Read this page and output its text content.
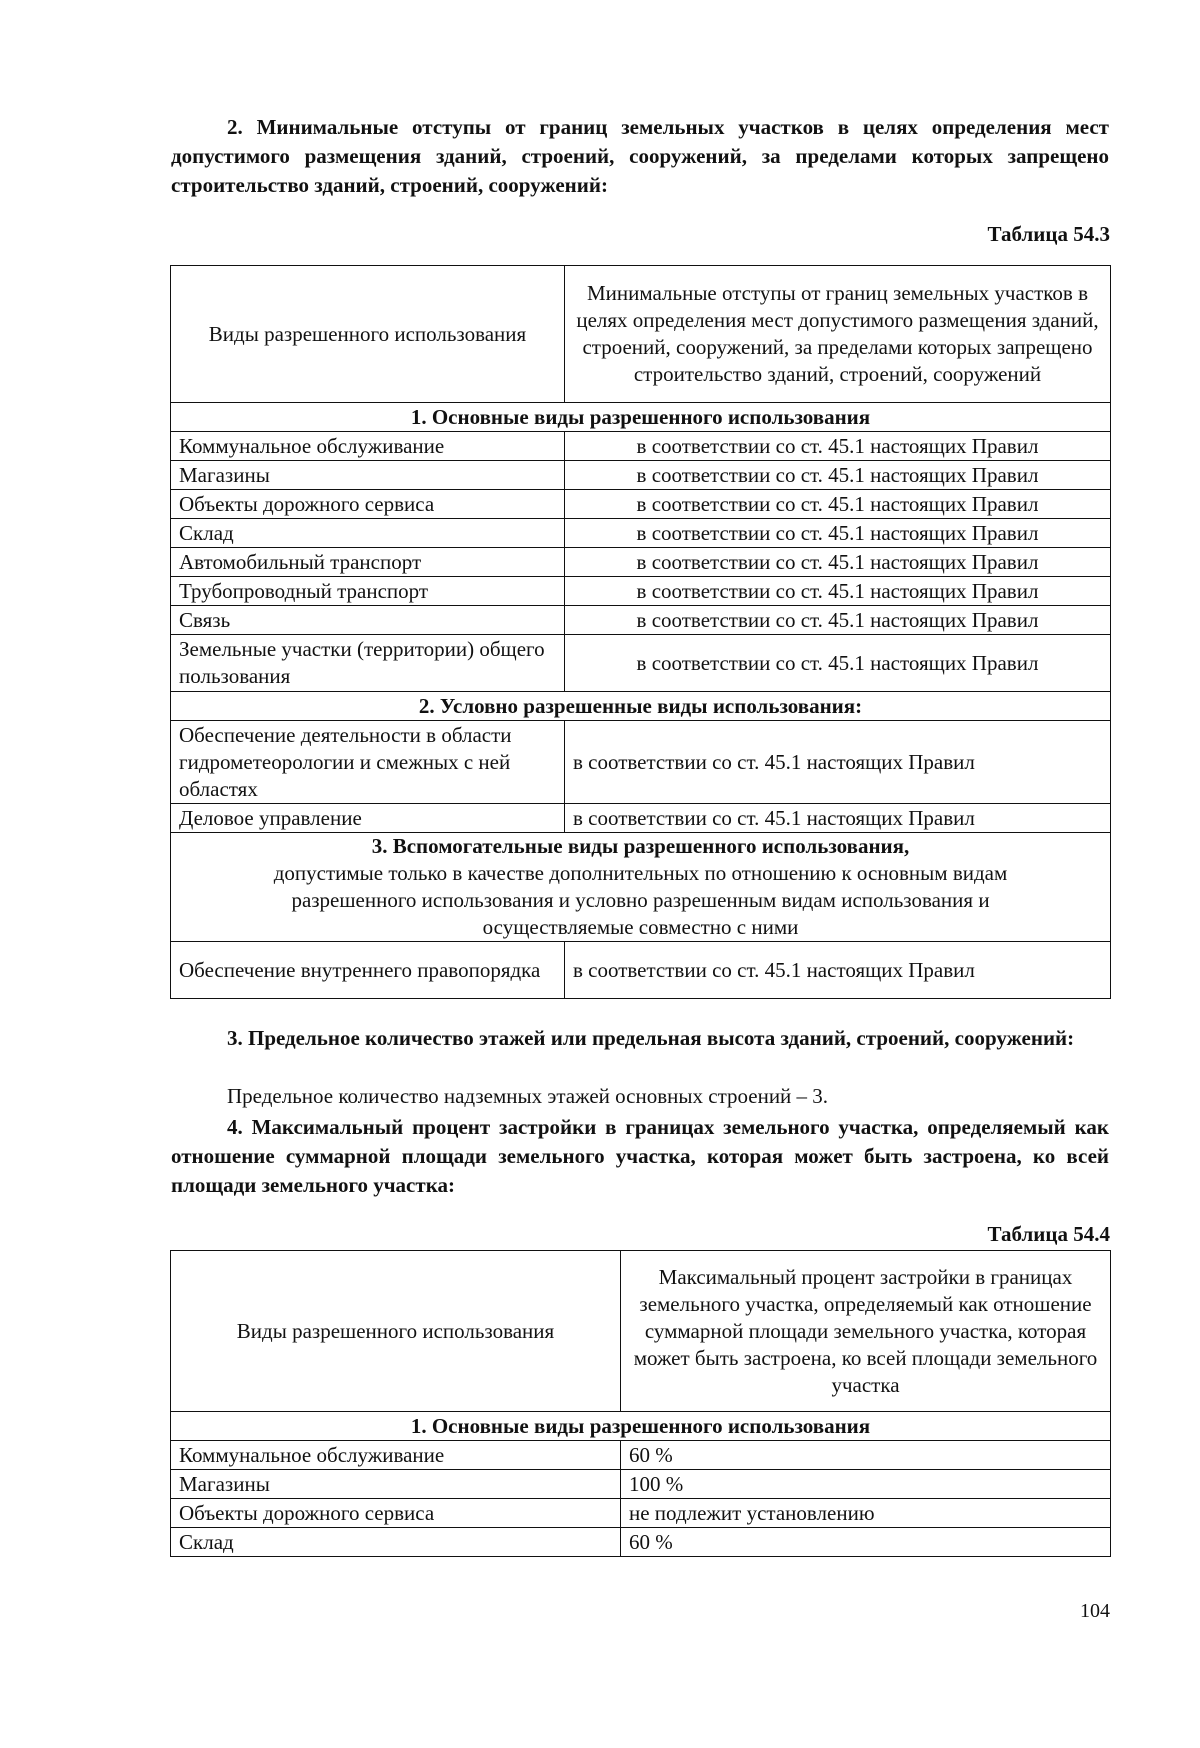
2. Минимальные отступы от границ земельных участков в целях определения мест допустимого размещения зданий, строений, сооружений, за пределами которых запрещено строительство зданий, строений, сооружений:
Таблица 54.3
Виды разрешенного использования	Минимальные отступы от границ земельных участков в целях определения мест допустимого размещения зданий, строений, сооружений, за пределами которых запрещено строительство зданий, строений, сооружений
1. Основные виды разрешенного использования	
Коммунальное обслуживание	в соответствии со ст. 45.1 настоящих Правил
Магазины	в соответствии со ст. 45.1 настоящих Правил
Объекты дорожного сервиса	в соответствии со ст. 45.1 настоящих Правил
Склад	в соответствии со ст. 45.1 настоящих Правил
Автомобильный транспорт	в соответствии со ст. 45.1 настоящих Правил
Трубопроводный транспорт	в соответствии со ст. 45.1 настоящих Правил
Связь	в соответствии со ст. 45.1 настоящих Правил
Земельные участки (территории) общего пользования	в соответствии со ст. 45.1 настоящих Правил
2. Условно разрешенные виды использования:	
Обеспечение деятельности в области гидрометеорологии и смежных с ней областях	в соответствии со ст. 45.1 настоящих Правил
Деловое управление	в соответствии со ст. 45.1 настоящих Правил

3. Вспомогательные виды разрешенного использования,
допустимые только в качестве дополнительных по отношению к основным видам разрешенного использования и условно разрешенным видам использования и осуществляемые совместно с ними	

Обеспечение внутреннего правопорядка	в соответствии со ст. 45.1 настоящих Правил
3. Предельное количество этажей или предельная высота зданий, строений, сооружений:
Предельное количество надземных этажей основных строений – 3.
4. Максимальный процент застройки в границах земельного участка, определяемый как отношение суммарной площади земельного участка, которая может быть застроена, ко всей площади земельного участка:
Таблица 54.4
Виды разрешенного использования	Максимальный процент застройки в границах земельного участка, определяемый как отношение суммарной площади земельного участка, которая может быть застроена, ко всей площади земельного участка
1. Основные виды разрешенного использования	
Коммунальное обслуживание	60 %
Магазины	100 %
Объекты дорожного сервиса	не подлежит установлению
Склад	60 %
104
